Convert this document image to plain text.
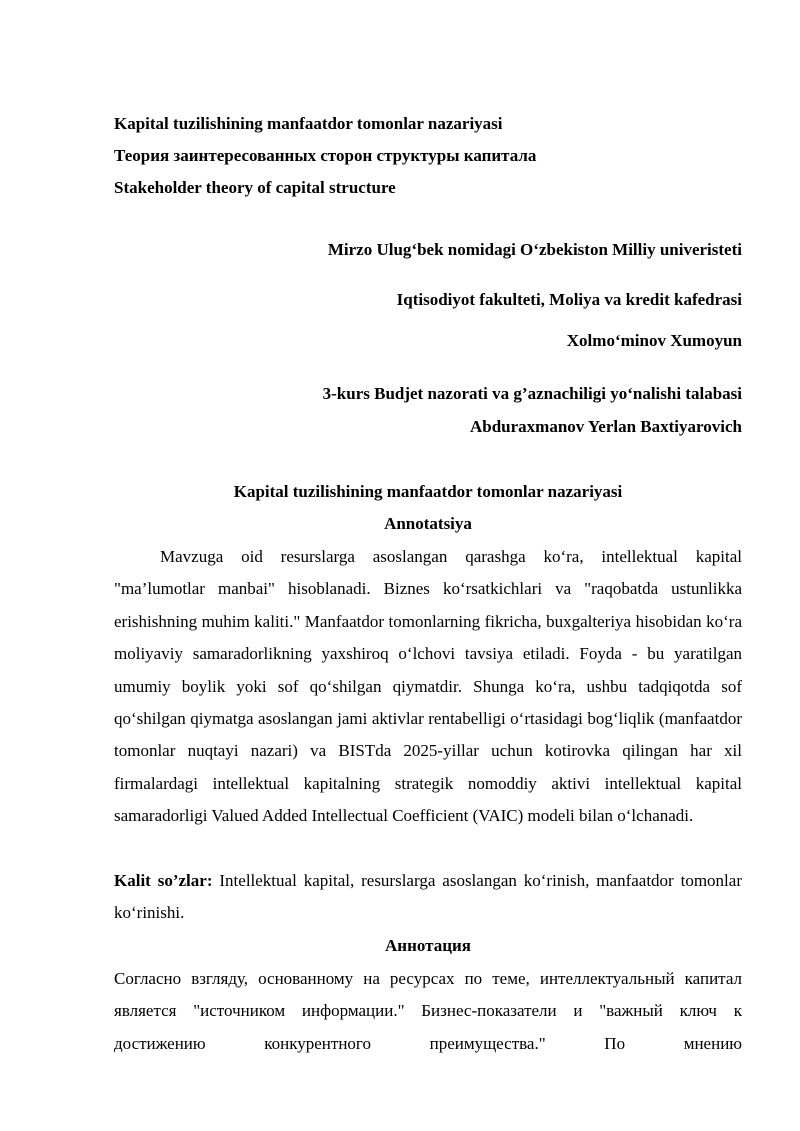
Kapital tuzilishining manfaatdor tomonlar nazariyasi
Теория заинтересованных сторон структуры капитала
Stakeholder theory of capital structure
Mirzo Ulug‘bek nomidagi O‘zbekiston Milliy univeristeti
Iqtisodiyot fakulteti, Moliya va kredit kafedrasi
Xolmo‘minov Xumoyun
3-kurs Budjet nazorati va g’aznachiligi yo‘nalishi talabasi
Abduraxmanov Yerlan Baxtiyarovich
Kapital tuzilishining manfaatdor tomonlar nazariyasi
Annotatsiya
Mavzuga oid resurslarga asoslangan qarashga ko‘ra, intellektual kapital "ma’lumotlar manbai" hisoblanadi. Biznes ko‘rsatkichlari va "raqobatda ustunlikka erishishning muhim kaliti." Manfaatdor tomonlarning fikricha, buxgalteriya hisobidan ko‘ra moliyaviy samaradorlikning yaxshiroq o‘lchovi tavsiya etiladi. Foyda - bu yaratilgan umumiy boylik yoki sof qo‘shilgan qiymatdir. Shunga ko‘ra, ushbu tadqiqotda sof qo‘shilgan qiymatga asoslangan jami aktivlar rentabelligi o‘rtasidagi bog‘liqlik (manfaatdor tomonlar nuqtayi nazari) va BISTda 2025-yillar uchun kotirovka qilingan har xil firmalardagi intellektual kapitalning strategik nomoddiy aktivi intellektual kapital samaradorligi Valued Added Intellectual Coefficient (VAIC) modeli bilan o‘lchanadi.
Kalit so’zlar: Intellektual kapital, resurslarga asoslangan ko‘rinish, manfaatdor tomonlar ko‘rinishi.
Аннотация
Согласно взгляду, основанному на ресурсах по теме, интеллектуальный капитал является "источником информации." Бизнес-показатели и "важный ключ к достижению конкурентного преимущества." По мнению
